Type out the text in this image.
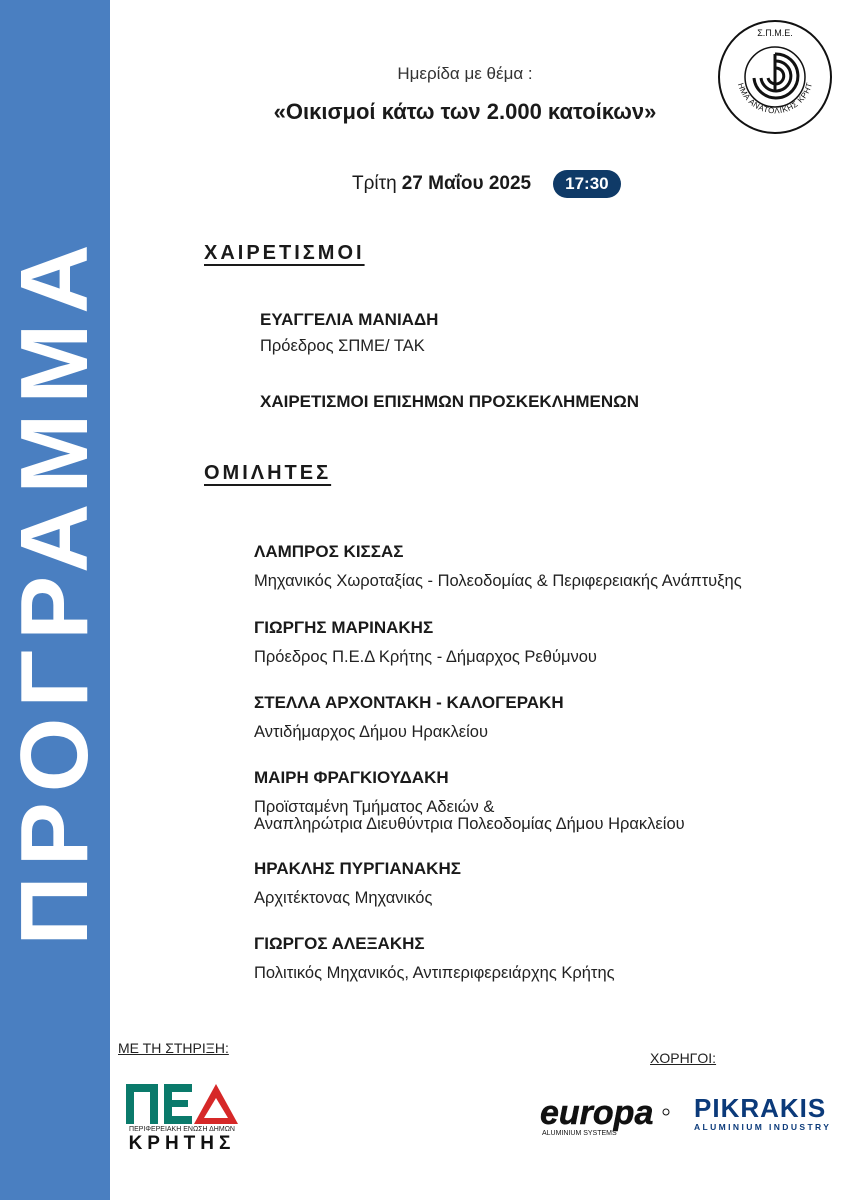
ΠΡΟΓΡΑΜΜΑ
Σ.Π.Μ.Ε.
ΗΜΑ ΑΝΑΤΟΛΙΚΗΣ ΚΡΗΤ
Ημερίδα με θέμα :
«Οικισμοί κάτω των 2.000 κατοίκων»
Τρίτη 27 Μαΐου 2025	17:30
ΧΑΙΡΕΤΙΣΜΟΙ
ΕΥΑΓΓΕΛΙΑ ΜΑΝΙΑΔΗ
Πρόεδρος ΣΠΜΕ/ ΤΑΚ
ΧΑΙΡΕΤΙΣΜΟΙ ΕΠΙΣΗΜΩΝ ΠΡΟΣΚΕΚΛΗΜΕΝΩΝ
ΟΜΙΛΗΤΕΣ
ΛΑΜΠΡΟΣ ΚΙΣΣΑΣ
Μηχανικός Χωροταξίας - Πολεοδομίας & Περιφερειακής Ανάπτυξης
ΓΙΩΡΓΗΣ ΜΑΡΙΝΑΚΗΣ
Πρόεδρος Π.Ε.Δ Κρήτης - Δήμαρχος Ρεθύμνου
ΣΤΕΛΛΑ ΑΡΧΟΝΤΑΚΗ - ΚΑΛΟΓΕΡΑΚΗ
Αντιδήμαρχος Δήμου Ηρακλείου
ΜΑΙΡΗ ΦΡΑΓΚΙΟΥΔΑΚΗ
Προϊσταμένη Τμήματος Αδειών &
Αναπληρώτρια Διευθύντρια Πολεοδομίας Δήμου Ηρακλείου
ΗΡΑΚΛΗΣ ΠΥΡΓΙΑΝΑΚΗΣ
Αρχιτέκτονας Μηχανικός
ΓΙΩΡΓΟΣ ΑΛΕΞΑΚΗΣ
Πολιτικός Μηχανικός, Αντιπεριφερειάρχης Κρήτης
ΜΕ ΤΗ ΣΤΗΡΙΞΗ:
ΧΟΡΗΓΟΙ:
ΠΕΔ
ΠΕΡΙΦΕΡΕΙΑΚΗ ΕΝΩΣΗ ΔΗΜΩΝ
ΚΡΗΤΗΣ
europa
ALUMINIUM SYSTEMS
PIKRAKIS
ALUMINIUM INDUSTRY
